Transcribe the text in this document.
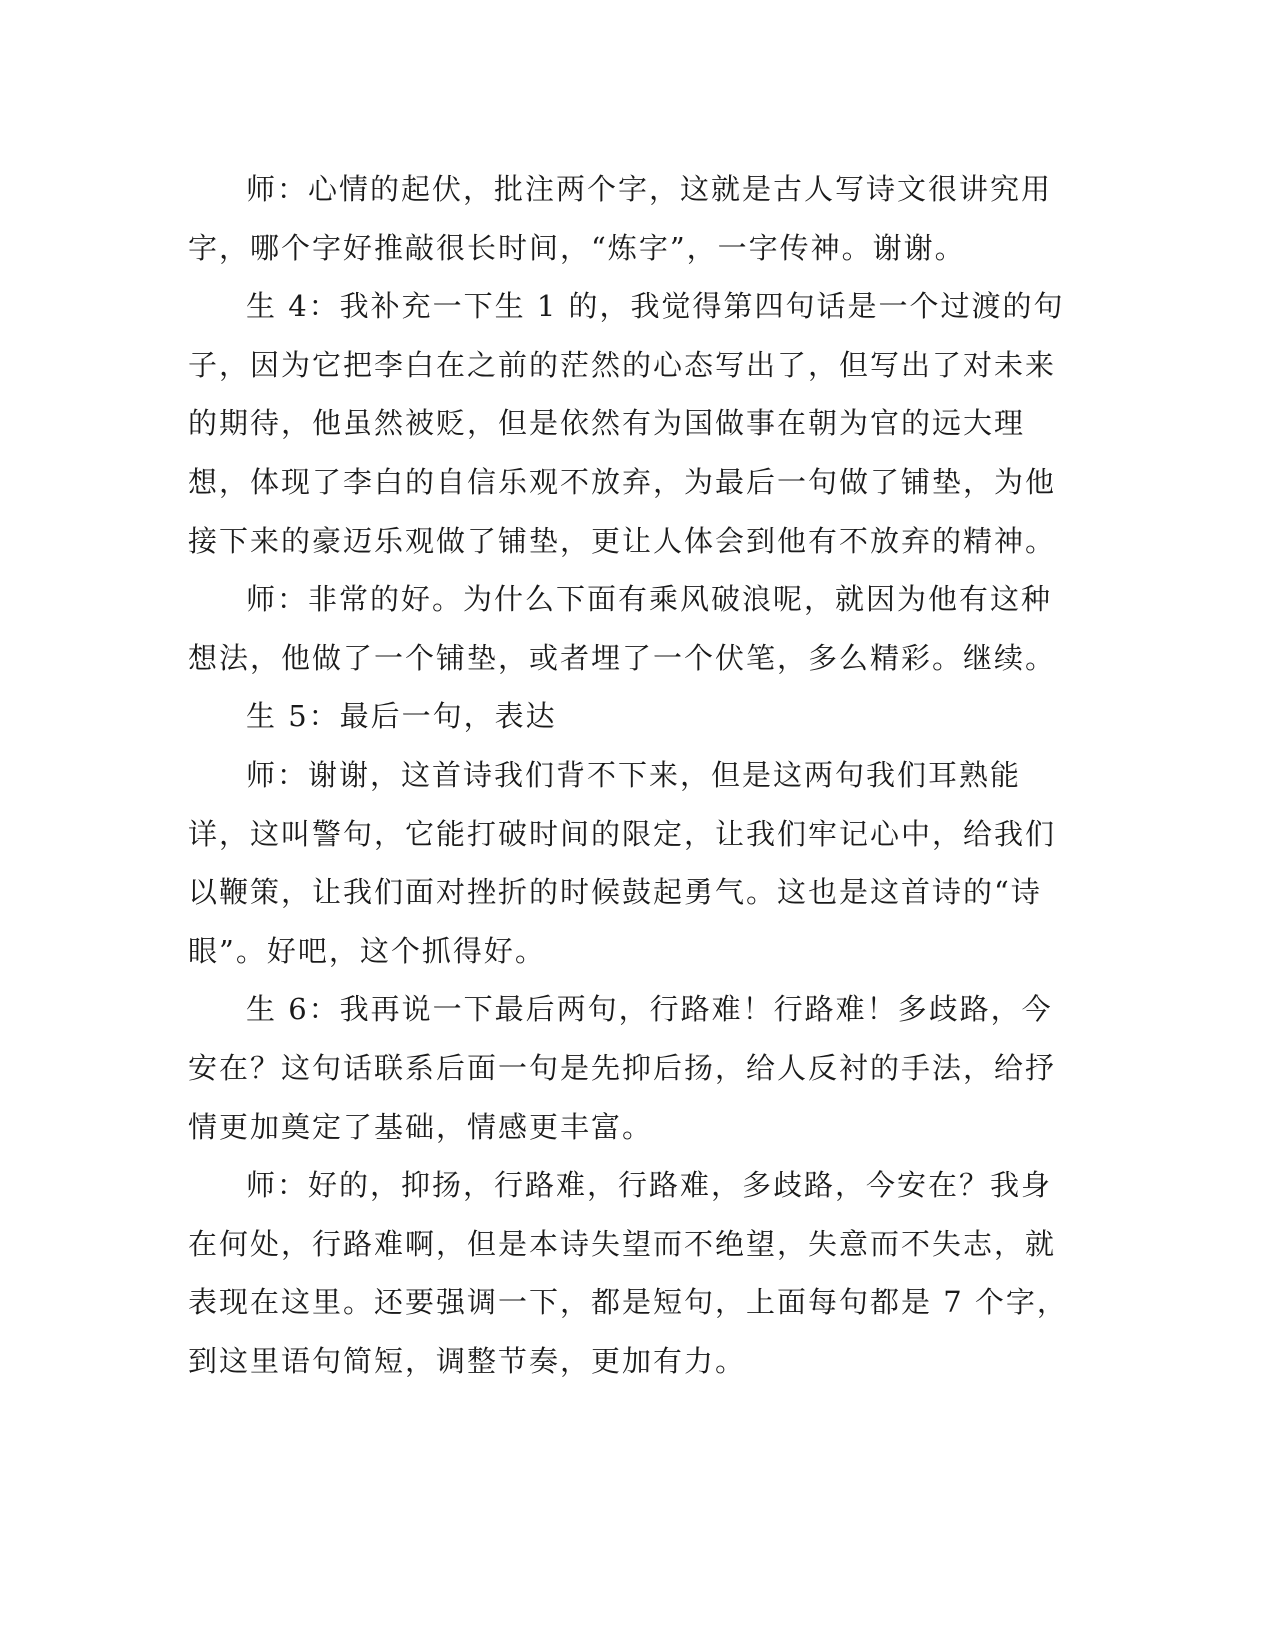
师：心情的起伏，批注两个字，这就是古人写诗文很讲究用字，哪个字好推敲很长时间，“炼字”，一字传神。谢谢。

生 4：我补充一下生 1 的，我觉得第四句话是一个过渡的句子，因为它把李白在之前的茫然的心态写出了，但写出了对未来的期待，他虽然被贬，但是依然有为国做事在朝为官的远大理想，体现了李白的自信乐观不放弃，为最后一句做了铺垫，为他接下来的豪迈乐观做了铺垫，更让人体会到他有不放弃的精神。

师：非常的好。为什么下面有乘风破浪呢，就因为他有这种想法，他做了一个铺垫，或者埋了一个伏笔，多么精彩。继续。

生 5：最后一句，表达

师：谢谢，这首诗我们背不下来，但是这两句我们耳熟能详，这叫警句，它能打破时间的限定，让我们牢记心中，给我们以鞭策，让我们面对挫折的时候鼓起勇气。这也是这首诗的“诗眼”。好吧，这个抓得好。

生 6：我再说一下最后两句，行路难！行路难！多歧路，今安在？这句话联系后面一句是先抑后扬，给人反衬的手法，给抒情更加奠定了基础，情感更丰富。

师：好的，抑扬，行路难，行路难，多歧路，今安在？我身在何处，行路难啊，但是本诗失望而不绝望，失意而不失志，就表现在这里。还要强调一下，都是短句，上面每句都是 7 个字，到这里语句简短，调整节奏，更加有力。
